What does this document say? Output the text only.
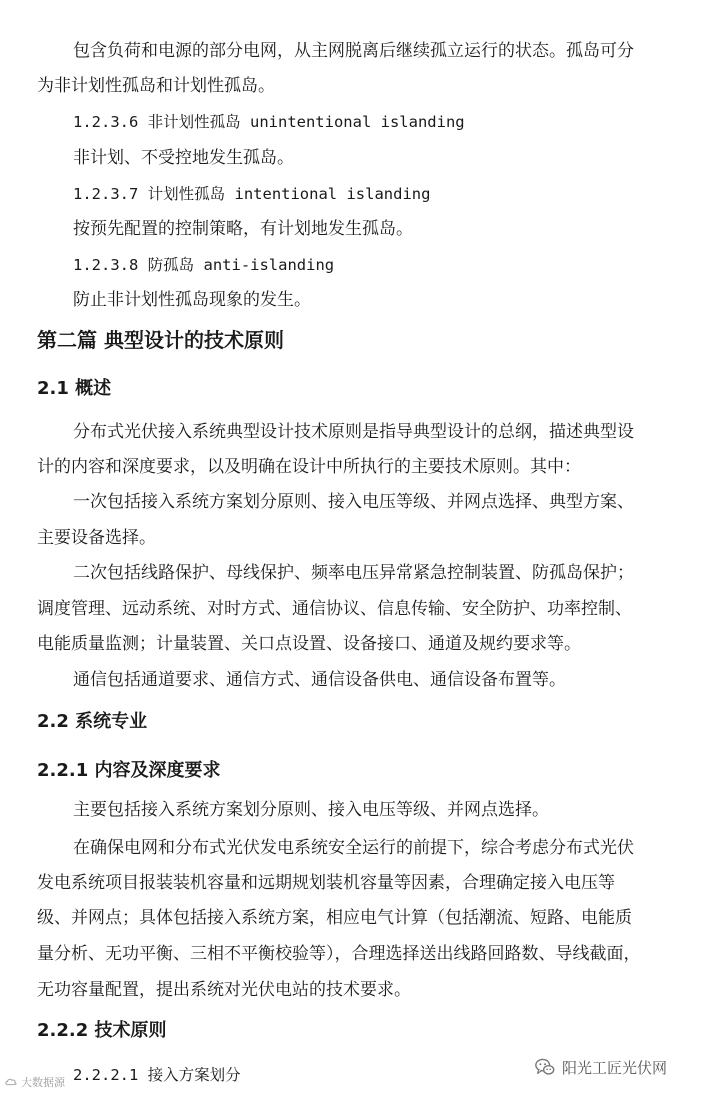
包含负荷和电源的部分电网，从主网脱离后继续孤立运行的状态。孤岛可分
为非计划性孤岛和计划性孤岛。
1.2.3.6 非计划性孤岛 unintentional islanding
非计划、不受控地发生孤岛。
1.2.3.7 计划性孤岛 intentional islanding
按预先配置的控制策略，有计划地发生孤岛。
1.2.3.8 防孤岛 anti-islanding
防止非计划性孤岛现象的发生。
第二篇 典型设计的技术原则
2.1 概述
分布式光伏接入系统典型设计技术原则是指导典型设计的总纲，描述典型设
计的内容和深度要求，以及明确在设计中所执行的主要技术原则。其中：
一次包括接入系统方案划分原则、接入电压等级、并网点选择、典型方案、
主要设备选择。
二次包括线路保护、母线保护、频率电压异常紧急控制装置、防孤岛保护；
调度管理、远动系统、对时方式、通信协议、信息传输、安全防护、功率控制、
电能质量监测；计量装置、关口点设置、设备接口、通道及规约要求等。
通信包括通道要求、通信方式、通信设备供电、通信设备布置等。
2.2 系统专业
2.2.1 内容及深度要求
主要包括接入系统方案划分原则、接入电压等级、并网点选择。
在确保电网和分布式光伏发电系统安全运行的前提下，综合考虑分布式光伏
发电系统项目报装装机容量和远期规划装机容量等因素，合理确定接入电压等
级、并网点；具体包括接入系统方案，相应电气计算（包括潮流、短路、电能质
量分析、无功平衡、三相不平衡校验等），合理选择送出线路回路数、导线截面，
无功容量配置，提出系统对光伏电站的技术要求。
2.2.2 技术原则
2.2.2.1 接入方案划分	阳光工匠光伏网
大数据源
